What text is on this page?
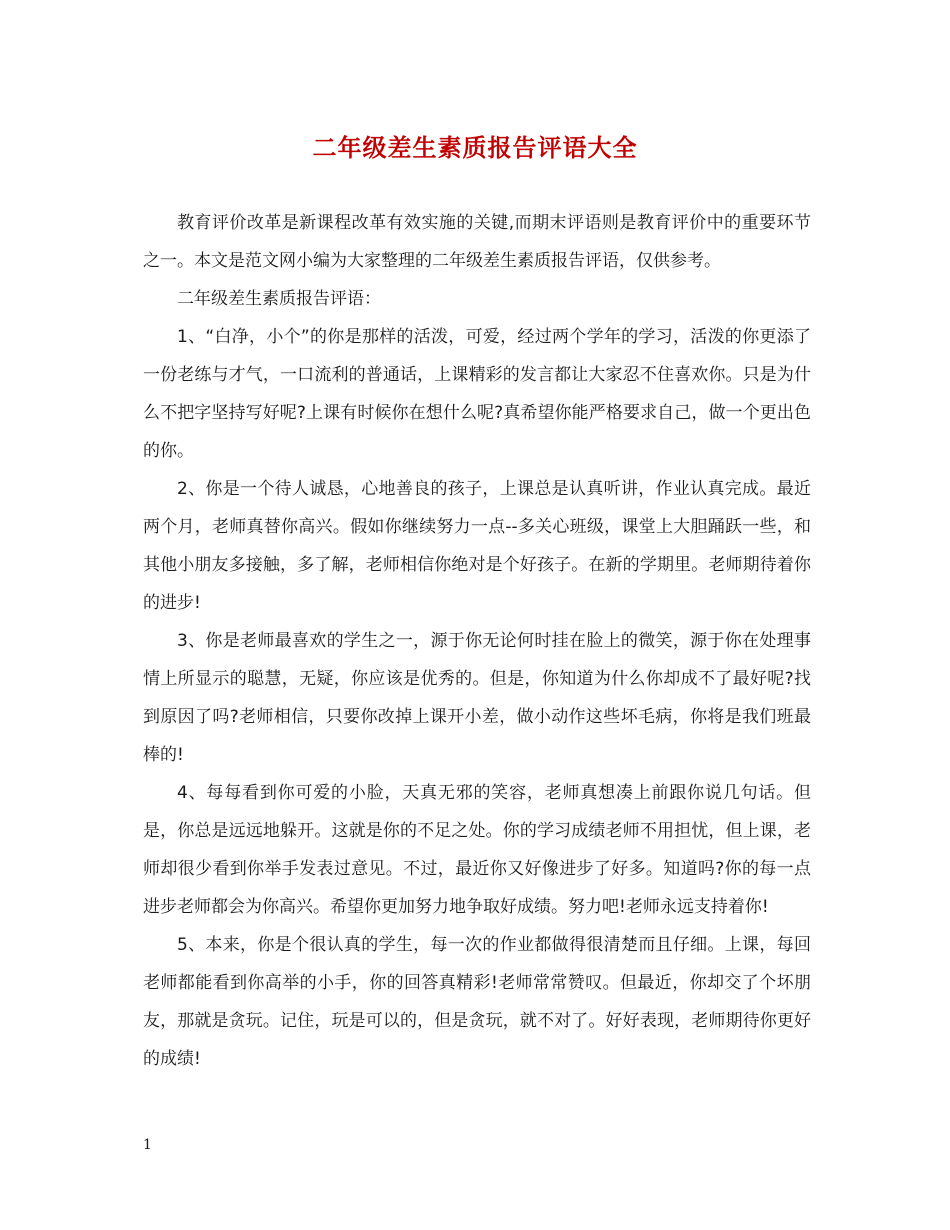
二年级差生素质报告评语大全

教育评价改革是新课程改革有效实施的关键,而期末评语则是教育评价中的重要环节之一。本文是范文网小编为大家整理的二年级差生素质报告评语，仅供参考。

二年级差生素质报告评语：

1、“白净，小个”的你是那样的活泼，可爱，经过两个学年的学习，活泼的你更添了一份老练与才气，一口流利的普通话，上课精彩的发言都让大家忍不住喜欢你。只是为什么不把字坚持写好呢?上课有时候你在想什么呢?真希望你能严格要求自己，做一个更出色的你。

2、你是一个待人诚恳，心地善良的孩子，上课总是认真听讲，作业认真完成。最近两个月，老师真替你高兴。假如你继续努力一点--多关心班级，课堂上大胆踊跃一些，和其他小朋友多接触，多了解，老师相信你绝对是个好孩子。在新的学期里。老师期待着你的进步!

3、你是老师最喜欢的学生之一，源于你无论何时挂在脸上的微笑，源于你在处理事情上所显示的聪慧，无疑，你应该是优秀的。但是，你知道为什么你却成不了最好呢?找到原因了吗?老师相信，只要你改掉上课开小差，做小动作这些坏毛病，你将是我们班最棒的!

4、每每看到你可爱的小脸，天真无邪的笑容，老师真想凑上前跟你说几句话。但是，你总是远远地躲开。这就是你的不足之处。你的学习成绩老师不用担忧，但上课，老师却很少看到你举手发表过意见。不过，最近你又好像进步了好多。知道吗?你的每一点进步老师都会为你高兴。希望你更加努力地争取好成绩。努力吧!老师永远支持着你!

5、本来，你是个很认真的学生，每一次的作业都做得很清楚而且仔细。上课，每回老师都能看到你高举的小手，你的回答真精彩!老师常常赞叹。但最近，你却交了个坏朋友，那就是贪玩。记住，玩是可以的，但是贪玩，就不对了。好好表现，老师期待你更好的成绩!

1
